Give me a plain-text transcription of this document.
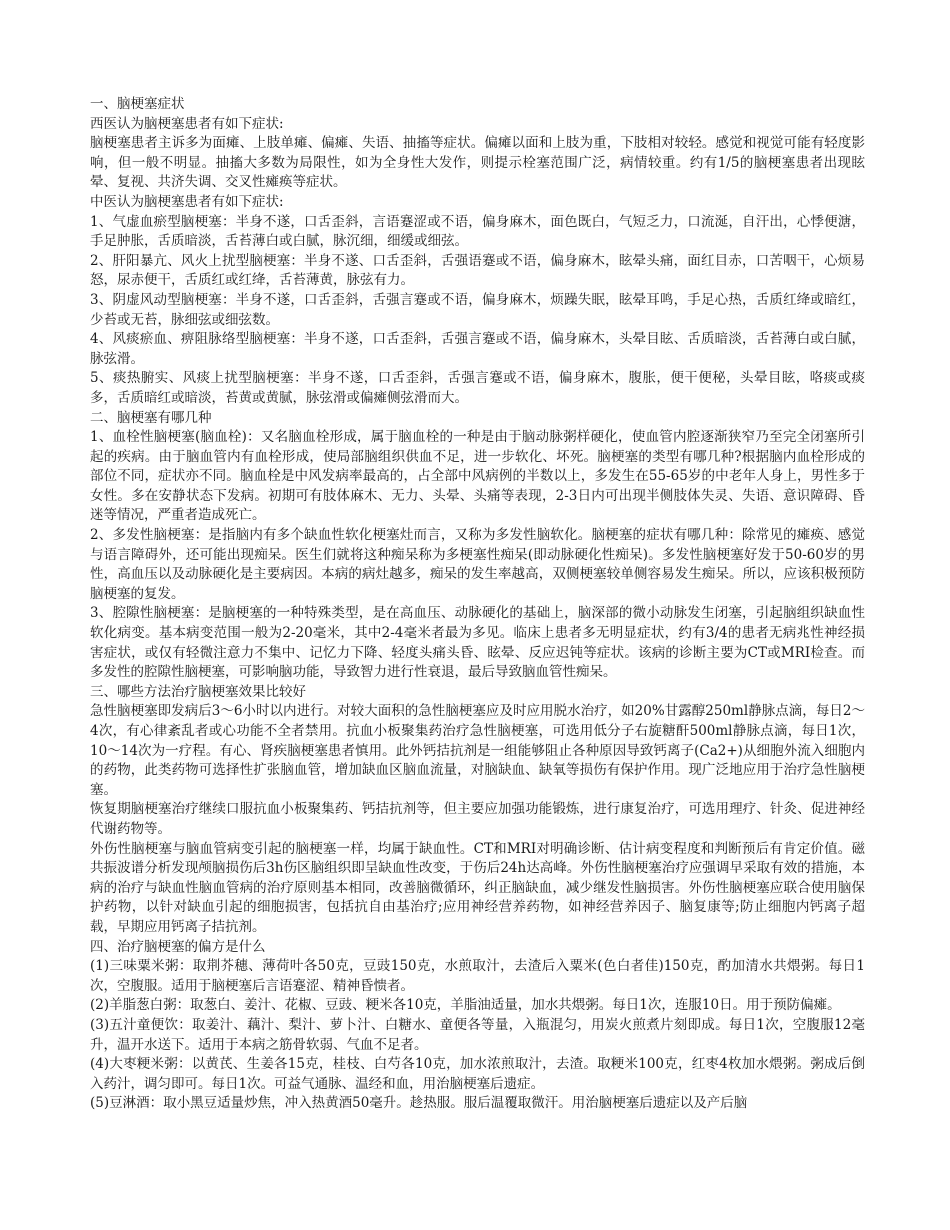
一、脑梗塞症状

西医认为脑梗塞患者有如下症状:

脑梗塞患者主诉多为面瘫、上肢单瘫、偏瘫、失语、抽搐等症状。偏瘫以面和上肢为重，下肢相对较轻。感觉和视觉可能有轻度影响，但一般不明显。抽搐大多数为局限性，如为全身性大发作，则提示栓塞范围广泛，病情较重。约有1/5的脑梗塞患者出现眩晕、复视、共济失调、交叉性瘫痪等症状。

中医认为脑梗塞患者有如下症状:

1、气虚血瘀型脑梗塞：半身不遂，口舌歪斜，言语蹇涩或不语，偏身麻木，面色既白，气短乏力，口流涎，自汗出，心悸便溏，手足肿胀，舌质暗淡，舌苔薄白或白腻，脉沉细，细缓或细弦。

2、肝阳暴亢、风火上扰型脑梗塞：半身不遂、口舌歪斜，舌强语蹇或不语，偏身麻木，眩晕头痛，面红目赤，口苦咽干，心烦易怒，尿赤便干，舌质红或红绛，舌苔薄黄，脉弦有力。

3、阴虚风动型脑梗塞：半身不遂，口舌歪斜，舌强言蹇或不语，偏身麻木，烦躁失眠，眩晕耳鸣，手足心热，舌质红绛或暗红，少苔或无苔，脉细弦或细弦数。

4、风痰瘀血、痹阻脉络型脑梗塞：半身不遂，口舌歪斜，舌强言蹇或不语，偏身麻木，头晕目眩、舌质暗淡，舌苔薄白或白腻，脉弦滑。

5、痰热腑实、风痰上扰型脑梗塞：半身不遂，口舌歪斜，舌强言蹇或不语，偏身麻木，腹胀，便干便秘，头晕目眩，咯痰或痰多，舌质暗红或暗淡，苔黄或黄腻，脉弦滑或偏瘫侧弦滑而大。

二、脑梗塞有哪几种

1、血栓性脑梗塞(脑血栓)：又名脑血栓形成，属于脑血栓的一种是由于脑动脉粥样硬化，使血管内腔逐渐狭窄乃至完全闭塞所引起的疾病。由于脑血管内有血栓形成，使局部脑组织供血不足，进一步软化、坏死。脑梗塞的类型有哪几种?根据脑内血栓形成的部位不同，症状亦不同。脑血栓是中风发病率最高的，占全部中风病例的半数以上，多发生在55-65岁的中老年人身上，男性多于女性。多在安静状态下发病。初期可有肢体麻木、无力、头晕、头痛等表现，2-3日内可出现半侧肢体失灵、失语、意识障碍、昏迷等情况，严重者造成死亡。

2、多发性脑梗塞：是指脑内有多个缺血性软化梗塞灶而言，又称为多发性脑软化。脑梗塞的症状有哪几种：除常见的瘫痪、感觉与语言障碍外，还可能出现痴呆。医生们就将这种痴呆称为多梗塞性痴呆(即动脉硬化性痴呆)。多发性脑梗塞好发于50-60岁的男性，高血压以及动脉硬化是主要病因。本病的病灶越多，痴呆的发生率越高，双侧梗塞较单侧容易发生痴呆。所以，应该积极预防脑梗塞的复发。

3、腔隙性脑梗塞：是脑梗塞的一种特殊类型，是在高血压、动脉硬化的基础上，脑深部的微小动脉发生闭塞，引起脑组织缺血性软化病变。基本病变范围一般为2-20毫米，其中2-4毫米者最为多见。临床上患者多无明显症状，约有3/4的患者无病兆性神经损害症状，或仅有轻微注意力不集中、记忆力下降、轻度头痛头昏、眩晕、反应迟钝等症状。该病的诊断主要为CT或MRI检查。而多发性的腔隙性脑梗塞，可影响脑功能，导致智力进行性衰退，最后导致脑血管性痴呆。

三、哪些方法治疗脑梗塞效果比较好

急性脑梗塞即发病后3～6小时以内进行。对较大面积的急性脑梗塞应及时应用脱水治疗，如20%甘露醇250ml静脉点滴，每日2～4次，有心律紊乱者或心功能不全者禁用。抗血小板聚集药治疗急性脑梗塞，可选用低分子右旋糖酐500ml静脉点滴，每日1次，10～14次为一疗程。有心、肾疾脑梗塞患者慎用。此外钙拮抗剂是一组能够阻止各种原因导致钙离子(Ca2+)从细胞外流入细胞内的药物，此类药物可选择性扩张脑血管，增加缺血区脑血流量，对脑缺血、缺氧等损伤有保护作用。现广泛地应用于治疗急性脑梗塞。

恢复期脑梗塞治疗继续口服抗血小板聚集药、钙拮抗剂等，但主要应加强功能锻炼，进行康复治疗，可选用理疗、针灸、促进神经代谢药物等。

外伤性脑梗塞与脑血管病变引起的脑梗塞一样，均属于缺血性。CT和MRI对明确诊断、估计病变程度和判断预后有肯定价值。磁共振波谱分析发现颅脑损伤后3h伤区脑组织即呈缺血性改变，于伤后24h达高峰。外伤性脑梗塞治疗应强调早采取有效的措施，本病的治疗与缺血性脑血管病的治疗原则基本相同，改善脑微循环，纠正脑缺血，减少继发性脑损害。外伤性脑梗塞应联合使用脑保护药物，以针对缺血引起的细胞损害，包括抗自由基治疗;应用神经营养药物，如神经营养因子、脑复康等;防止细胞内钙离子超载，早期应用钙离子拮抗剂。

四、治疗脑梗塞的偏方是什么

(1)三味粟米粥：取荆芥穗、薄荷叶各50克，豆豉150克，水煎取汁，去渣后入粟米(色白者佳)150克，酌加清水共煨粥。每日1次，空腹服。适用于脑梗塞后言语蹇涩、精神昏愦者。

(2)羊脂葱白粥：取葱白、姜汁、花椒、豆豉、粳米各10克，羊脂油适量，加水共煨粥。每日1次，连服10日。用于预防偏瘫。

(3)五汁童便饮：取姜汁、藕汁、梨汁、萝卜汁、白糖水、童便各等量，入瓶混匀，用炭火煎煮片刻即成。每日1次，空腹服12毫升，温开水送下。适用于本病之筋骨软弱、气血不足者。

(4)大枣粳米粥：以黄芪、生姜各15克，桂枝、白芍各10克，加水浓煎取汁，去渣。取粳米100克，红枣4枚加水煨粥。粥成后倒入药汁，调匀即可。每日1次。可益气通脉、温经和血，用治脑梗塞后遗症。

(5)豆淋酒：取小黑豆适量炒焦，冲入热黄酒50毫升。趁热服。服后温覆取微汗。用治脑梗塞后遗症以及产后脑
